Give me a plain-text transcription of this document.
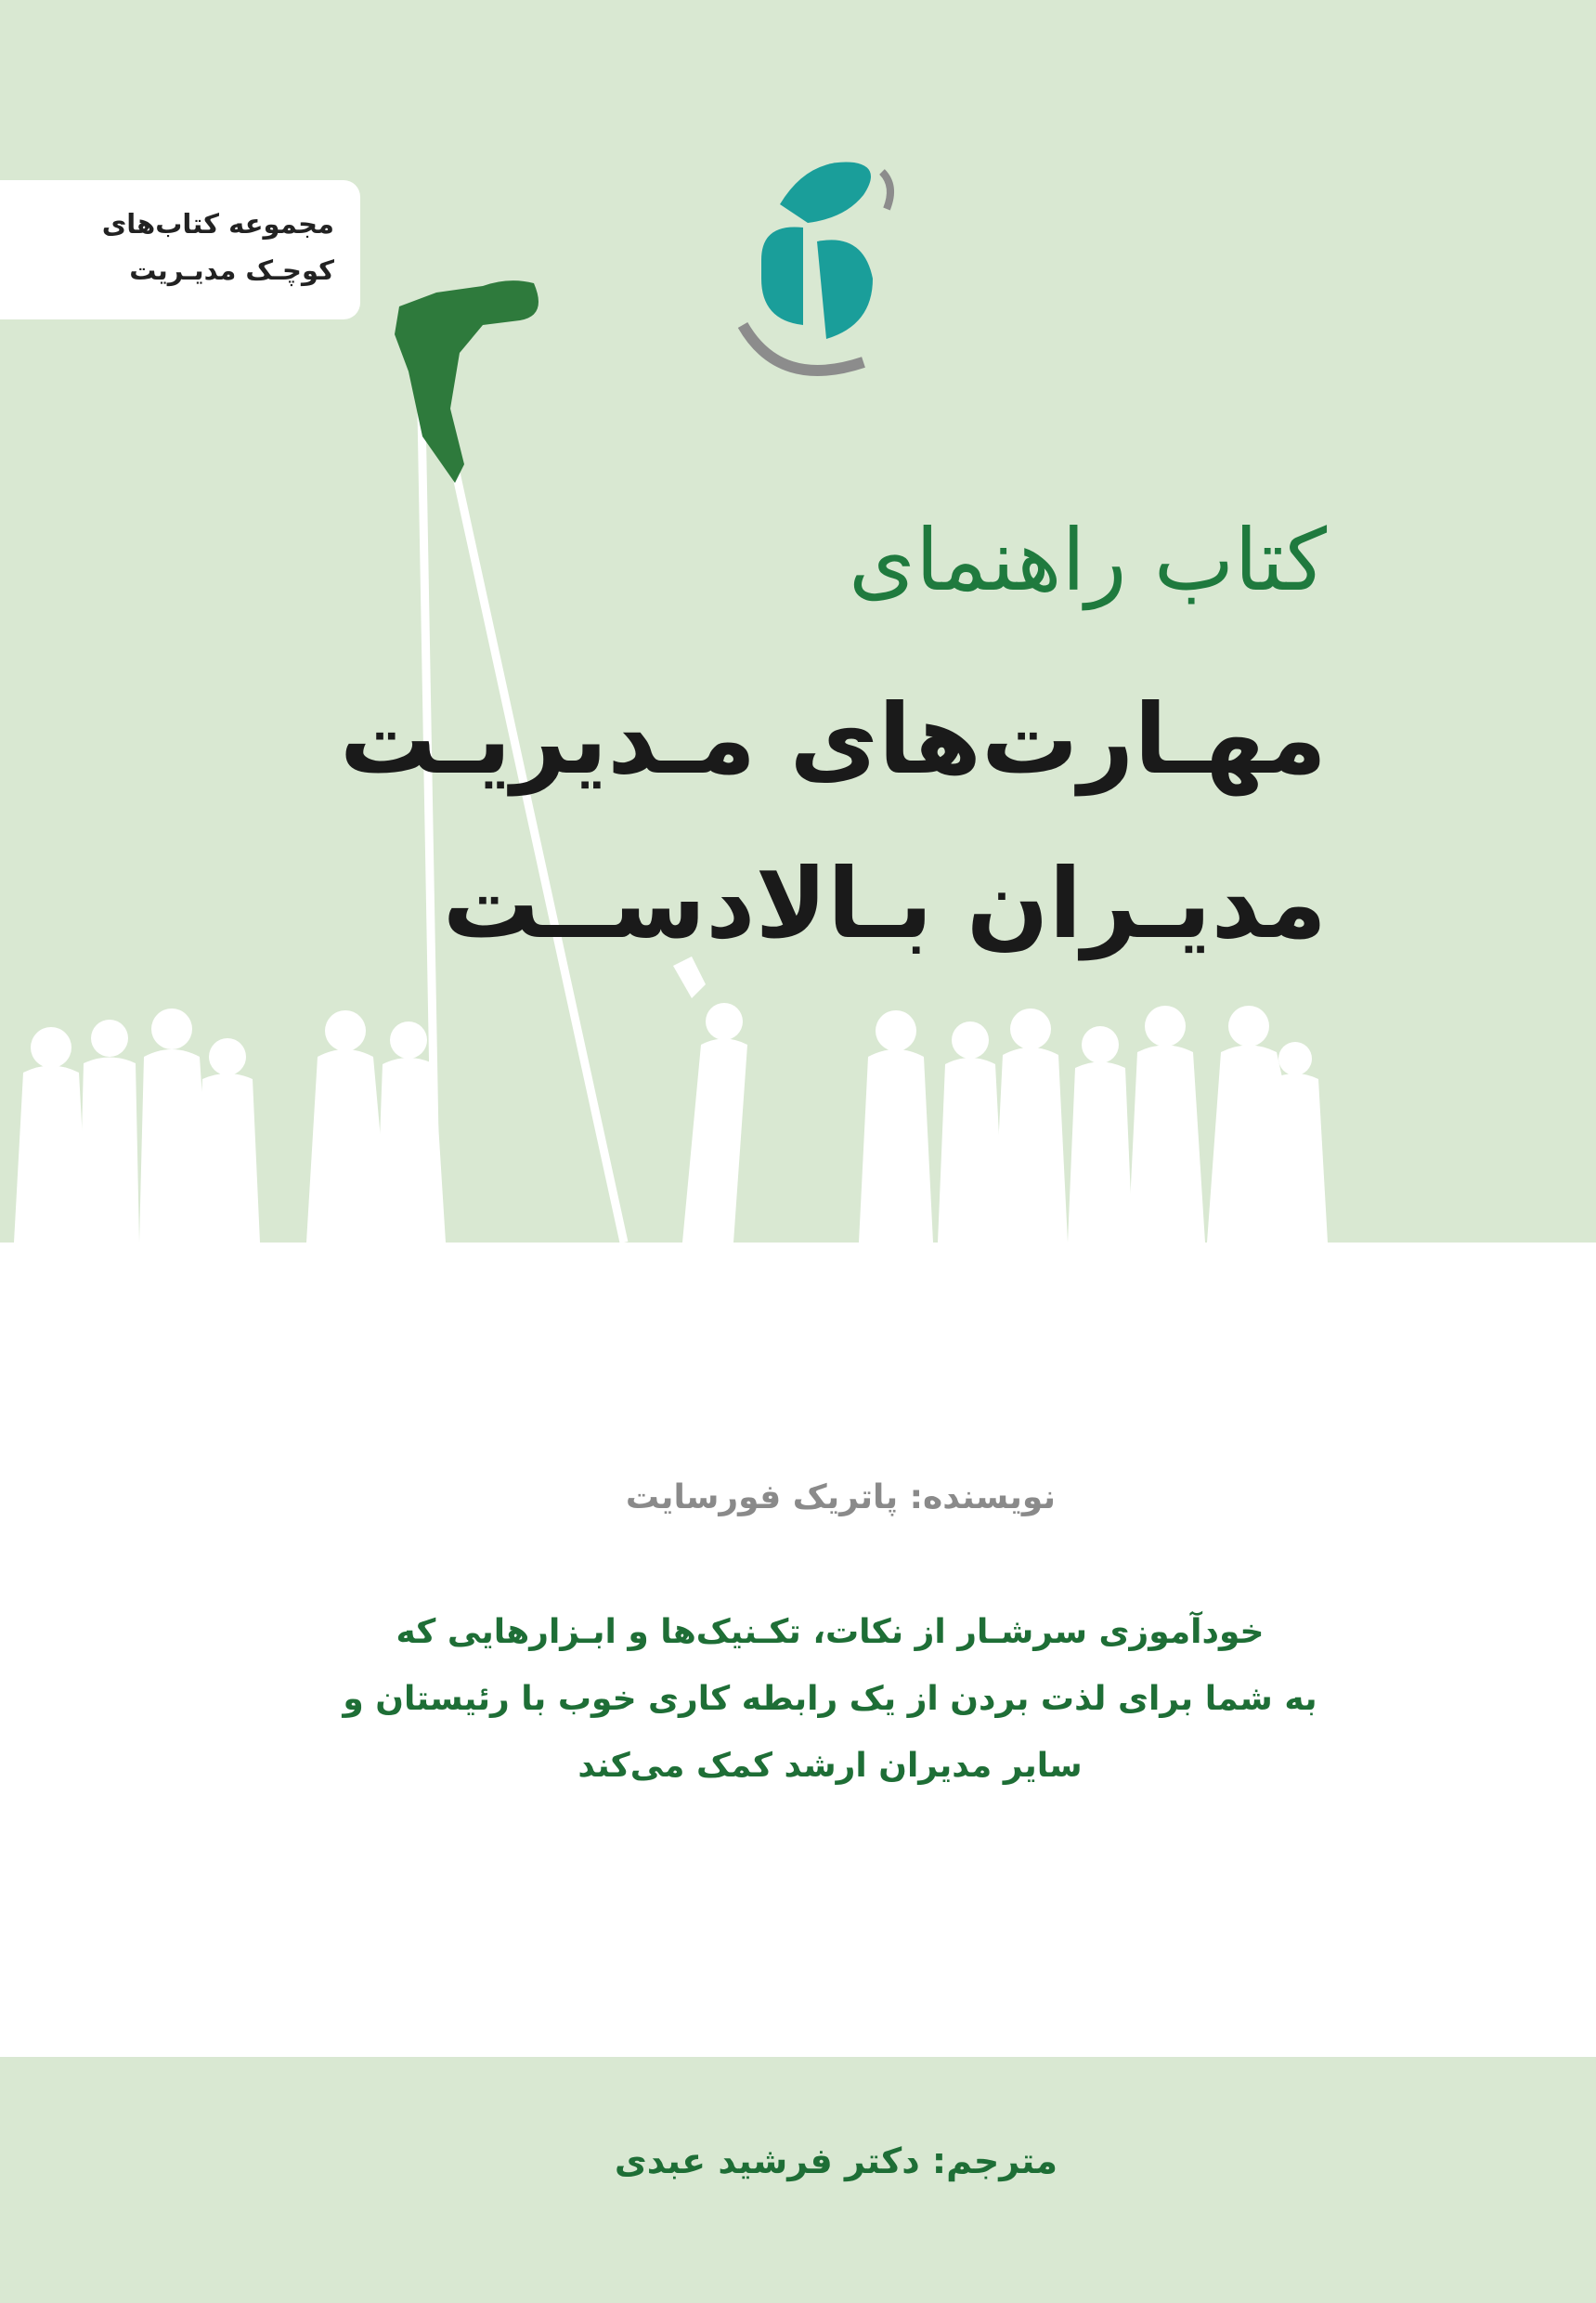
مجموعه کتاب‌های
کوچـک مدیـریت
کتاب راهنمای
مهـارت‌های مـدیریـت
مدیـران بـالادســت
نویسنده: پاتریک فورسایت
خودآموزی سرشـار از نکات، تکـنیک‌ها و ابـزارهایی که
به شما برای لذت بردن از یک رابطه کاری خوب با رئیستان و
سایر مدیران ارشد کمک می‌کند
مترجم: دکتر فرشید عبدی
